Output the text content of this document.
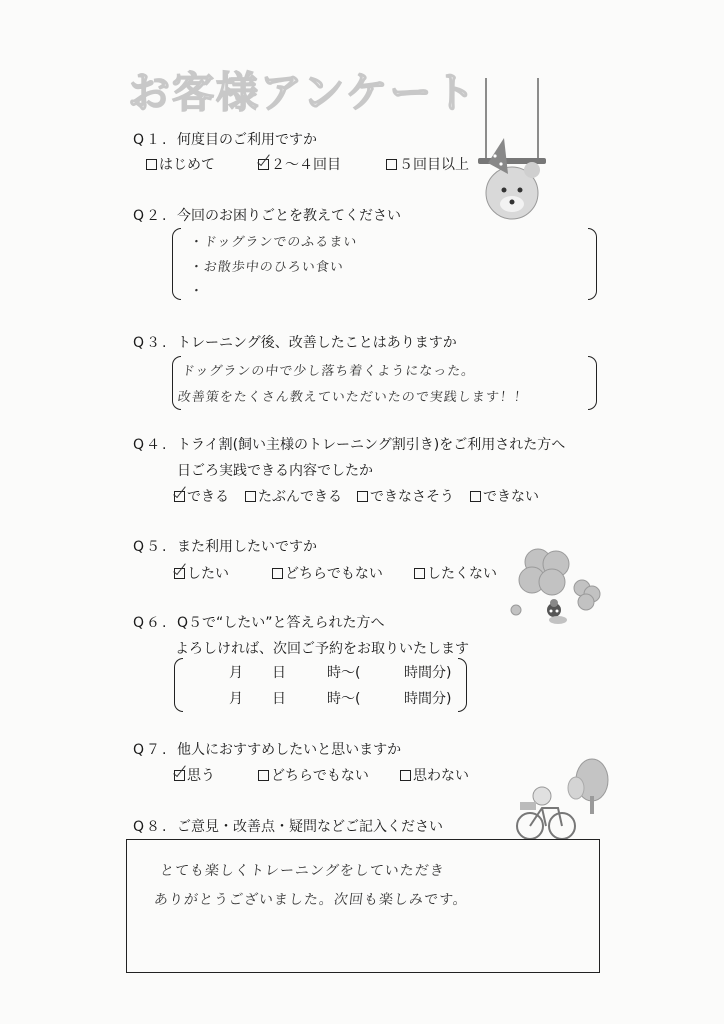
お客様アンケート
Q１. 何度目のご利用ですか
はじめて	２～４回目	５回目以上
Q２. 今回のお困りごとを教えてください
・ドッグランでのふるまい
・お散歩中のひろい食い
・
Q３. トレーニング後、改善したことはありますか
ドッグランの中で少し落ち着くようになった。
改善策をたくさん教えていただいたので実践します！！
Q４. トライ割(飼い主様のトレーニング割引き)をご利用された方へ
日ごろ実践できる内容でしたか
できる	たぶんできる	できなさそう	できない
Q５. また利用したいですか
したい	どちらでもない	したくない
Q６. Q５で“したい”と答えられた方へ
よろしければ、次回ご予約をお取りいたします
月 日	時～(	時間分)
月 日	時～(	時間分)
Q７. 他人におすすめしたいと思いますか
思う	どちらでもない	思わない
Q８. ご意見・改善点・疑問などご記入ください
とても楽しくトレーニングをしていただき
ありがとうございました。次回も楽しみです。
